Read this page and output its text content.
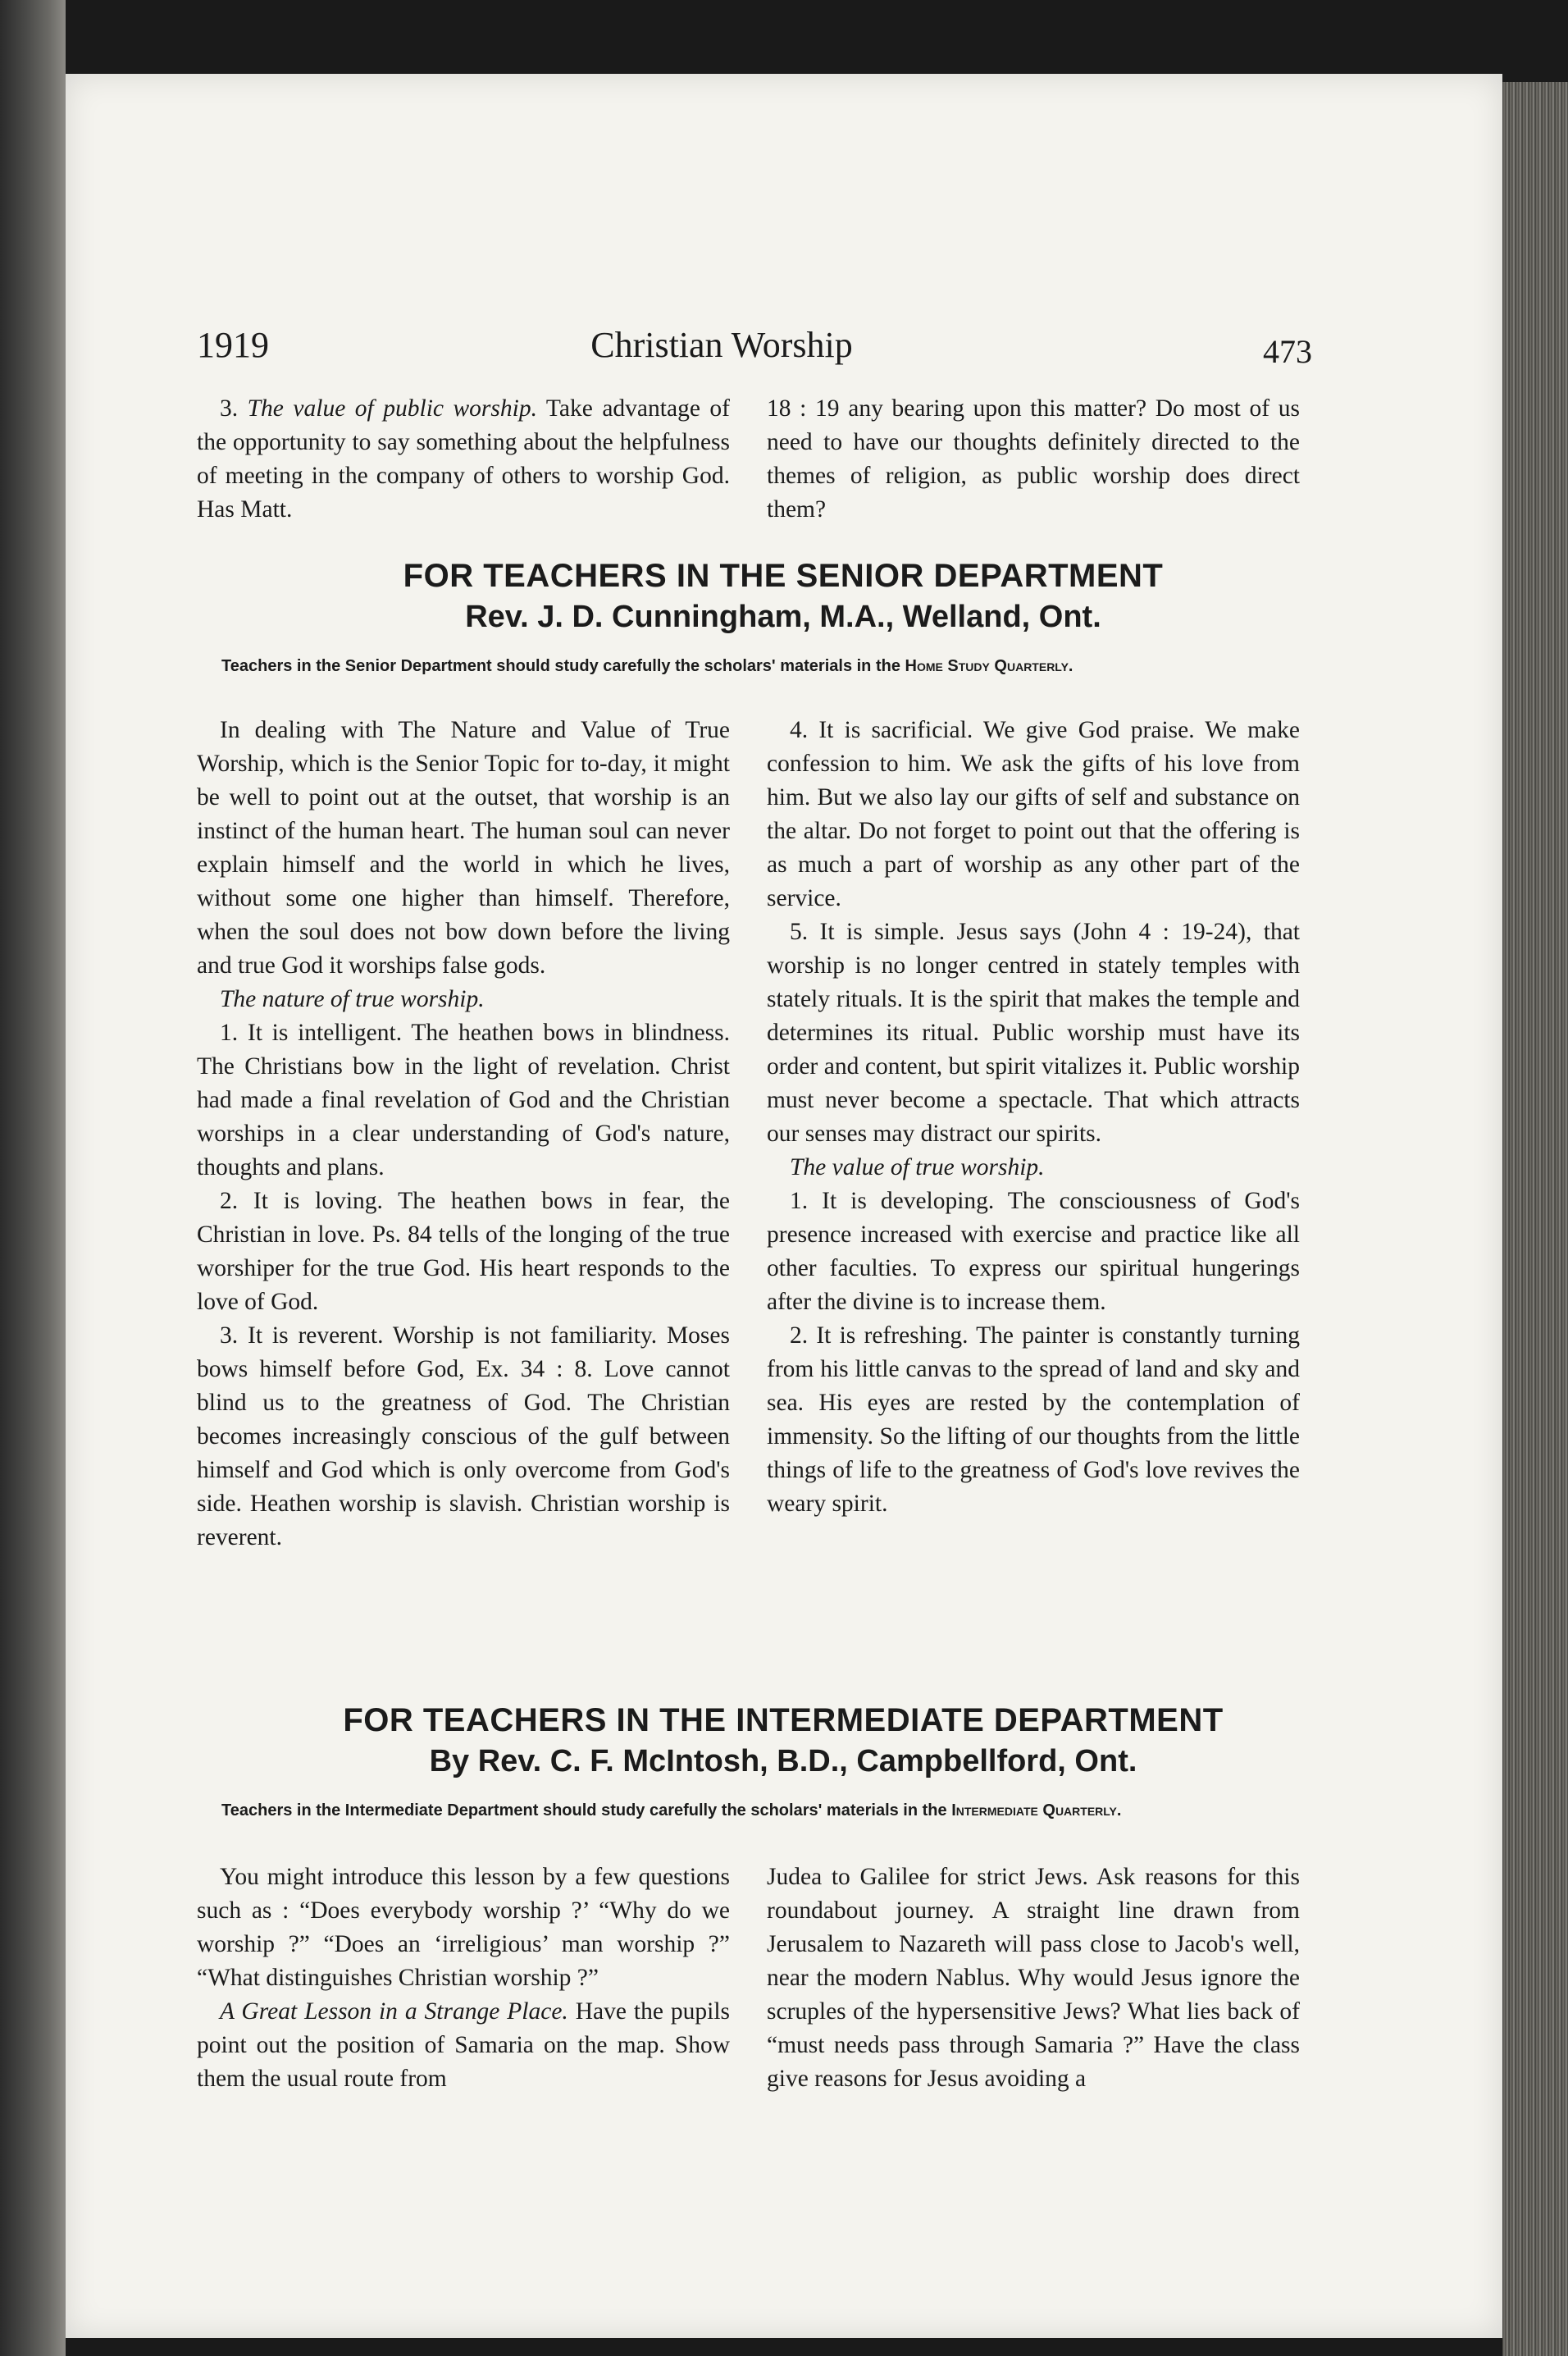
1919	Christian Worship	473

3. The value of public worship. Take advantage of the opportunity to say something about the helpfulness of meeting in the company of others to worship God. Has Matt.

18 : 19 any bearing upon this matter? Do most of us need to have our thoughts definitely directed to the themes of religion, as public worship does direct them?

FOR TEACHERS IN THE SENIOR DEPARTMENT
Rev. J. D. Cunningham, M.A., Welland, Ont.
Teachers in the Senior Department should study carefully the scholars' materials in the Home Study Quarterly.

In dealing with The Nature and Value of True Worship, which is the Senior Topic for to-day, it might be well to point out at the outset, that worship is an instinct of the human heart. The human soul can never explain himself and the world in which he lives, without some one higher than himself. Therefore, when the soul does not bow down before the living and true God it worships false gods.

The nature of true worship.

1. It is intelligent. The heathen bows in blindness. The Christians bow in the light of revelation. Christ had made a final revelation of God and the Christian worships in a clear understanding of God's nature, thoughts and plans.

2. It is loving. The heathen bows in fear, the Christian in love. Ps. 84 tells of the longing of the true worshiper for the true God. His heart responds to the love of God.

3. It is reverent. Worship is not familiarity. Moses bows himself before God, Ex. 34 : 8. Love cannot blind us to the greatness of God. The Christian becomes increasingly conscious of the gulf between himself and God which is only overcome from God's side. Heathen worship is slavish. Christian worship is reverent.

4. It is sacrificial. We give God praise. We make confession to him. We ask the gifts of his love from him. But we also lay our gifts of self and substance on the altar. Do not forget to point out that the offering is as much a part of worship as any other part of the service.

5. It is simple. Jesus says (John 4 : 19-24), that worship is no longer centred in stately temples with stately rituals. It is the spirit that makes the temple and determines its ritual. Public worship must have its order and content, but spirit vitalizes it. Public worship must never become a spectacle. That which attracts our senses may distract our spirits.

The value of true worship.

1. It is developing. The consciousness of God's presence increased with exercise and practice like all other faculties. To express our spiritual hungerings after the divine is to increase them.

2. It is refreshing. The painter is constantly turning from his little canvas to the spread of land and sky and sea. His eyes are rested by the contemplation of immensity. So the lifting of our thoughts from the little things of life to the greatness of God's love revives the weary spirit.

FOR TEACHERS IN THE INTERMEDIATE DEPARTMENT
By Rev. C. F. McIntosh, B.D., Campbellford, Ont.
Teachers in the Intermediate Department should study carefully the scholars' materials in the Intermediate Quarterly.

You might introduce this lesson by a few questions such as : “Does everybody worship ?’ “Why do we worship ?” “Does an ‘irreligious’ man worship ?” “What distinguishes Christian worship ?”

A Great Lesson in a Strange Place. Have the pupils point out the position of Samaria on the map. Show them the usual route from

Judea to Galilee for strict Jews. Ask reasons for this roundabout journey. A straight line drawn from Jerusalem to Nazareth will pass close to Jacob's well, near the modern Nablus. Why would Jesus ignore the scruples of the hypersensitive Jews? What lies back of “must needs pass through Samaria ?” Have the class give reasons for Jesus avoiding a
